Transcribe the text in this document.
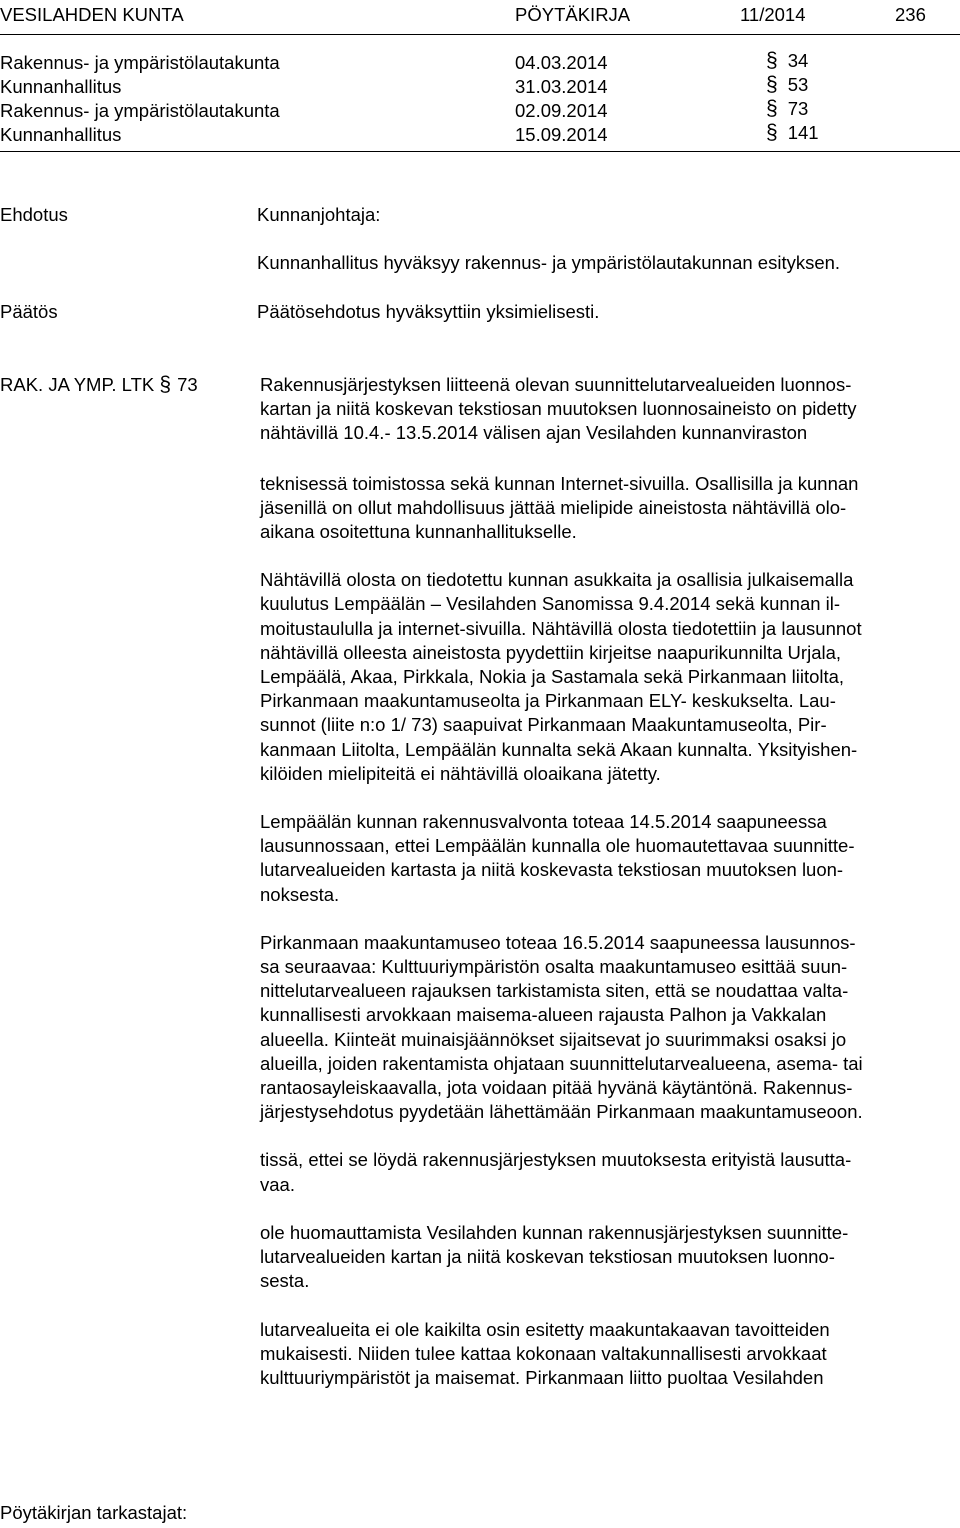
VESILAHDEN KUNTA	PÖYTÄKIRJA	11/2014	236
Rakennus- ja ympäristölautakunta	04.03.2014	§ 34
Kunnanhallitus	31.03.2014	§ 53
Rakennus- ja ympäristölautakunta	02.09.2014	§ 73
Kunnanhallitus	15.09.2014	§ 141
Ehdotus	Kunnanjohtaja:
Kunnanhallitus hyväksyy rakennus- ja ympäristölautakunnan esityksen.
Päätös	Päätösehdotus hyväksyttiin yksimielisesti.
RAK. JA YMP. LTK § 73	Rakennusjärjestyksen liitteenä olevan suunnittelutarvealueiden luonnos-

kartan ja niitä koskevan tekstiosan muutoksen luonnosaineisto on pidetty

nähtävillä 10.4.- 13.5.2014 välisen ajan Vesilahden kunnanviraston

teknisessä toimistossa sekä kunnan Internet-sivuilla. Osallisilla ja kunnan

jäsenillä on ollut mahdollisuus jättää mielipide aineistosta nähtävillä olo-

aikana osoitettuna kunnanhallitukselle.

Nähtävillä olosta on tiedotettu kunnan asukkaita ja osallisia julkaisemalla

kuulutus Lempäälän – Vesilahden Sanomissa 9.4.2014 sekä kunnan il-

moitustaululla ja internet-sivuilla. Nähtävillä olosta tiedotettiin ja lausunnot

nähtävillä olleesta aineistosta pyydettiin kirjeitse naapurikunnilta Urjala,

Lempäälä, Akaa, Pirkkala, Nokia ja Sastamala sekä Pirkanmaan liitolta,

Pirkanmaan maakuntamuseolta ja Pirkanmaan ELY- keskukselta. Lau-

sunnot (liite n:o 1/ 73) saapuivat Pirkanmaan Maakuntamuseolta, Pir-

kanmaan Liitolta, Lempäälän kunnalta sekä Akaan kunnalta. Yksityishen-

kilöiden mielipiteitä ei nähtävillä oloaikana jätetty.

Lempäälän kunnan rakennusvalvonta toteaa 14.5.2014 saapuneessa

lausunnossaan, ettei Lempäälän kunnalla ole huomautettavaa suunnitte-

lutarvealueiden kartasta ja niitä koskevasta tekstiosan muutoksen luon-

noksesta.

Pirkanmaan maakuntamuseo toteaa 16.5.2014 saapuneessa lausunnos-

sa seuraavaa: Kulttuuriympäristön osalta maakuntamuseo esittää suun-

nittelutarvealueen rajauksen tarkistamista siten, että se noudattaa valta-

kunnallisesti arvokkaan maisema-alueen rajausta Palhon ja Vakkalan

alueella. Kiinteät muinaisjäännökset sijaitsevat jo suurimmaksi osaksi jo

alueilla, joiden rakentamista ohjataan suunnittelutarvealueena, asema- tai

rantaosayleiskaavalla, jota voidaan pitää hyvänä käytäntönä. Rakennus-

järjestysehdotus pyydetään lähettämään Pirkanmaan maakuntamuseoon.

tissä, ettei se löydä rakennusjärjestyksen muutoksesta erityistä lausutta-

vaa.

ole huomauttamista Vesilahden kunnan rakennusjärjestyksen suunnitte-

lutarvealueiden kartan ja niitä koskevan tekstiosan muutoksen luonno-

sesta.

lutarvealueita ei ole kaikilta osin esitetty maakuntakaavan tavoitteiden

mukaisesti. Niiden tulee kattaa kokonaan valtakunnallisesti arvokkaat

kulttuuriympäristöt ja maisemat. Pirkanmaan liitto puoltaa Vesilahden

Pöytäkirjan tarkastajat:
